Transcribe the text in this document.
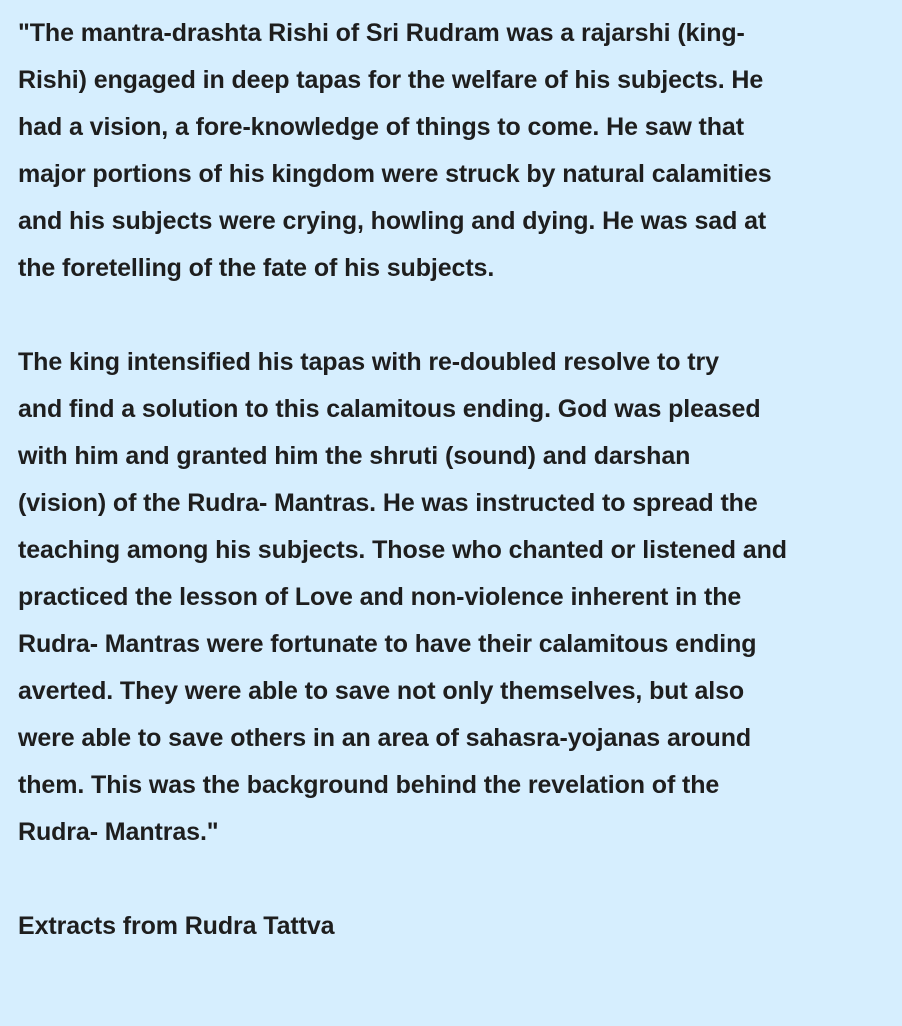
"The mantra-drashta Rishi of Sri Rudram was a rajarshi (king-
Rishi) engaged in deep tapas for the welfare of his subjects. He
had a vision, a fore-knowledge of things to come. He saw that
major portions of his kingdom were struck by natural calamities
and his subjects were crying, howling and dying. He was sad at
the foretelling of the fate of his subjects.
The king intensified his tapas with re-doubled resolve to try
and find a solution to this calamitous ending. God was pleased
with him and granted him the shruti (sound) and darshan
(vision) of the Rudra- Mantras. He was instructed to spread the
teaching among his subjects. Those who chanted or listened and
practiced the lesson of Love and non-violence inherent in the
Rudra- Mantras were fortunate to have their calamitous ending
averted. They were able to save not only themselves, but also
were able to save others in an area of sahasra-yojanas around
them. This was the background behind the revelation of the
Rudra- Mantras."
Extracts from Rudra Tattva
